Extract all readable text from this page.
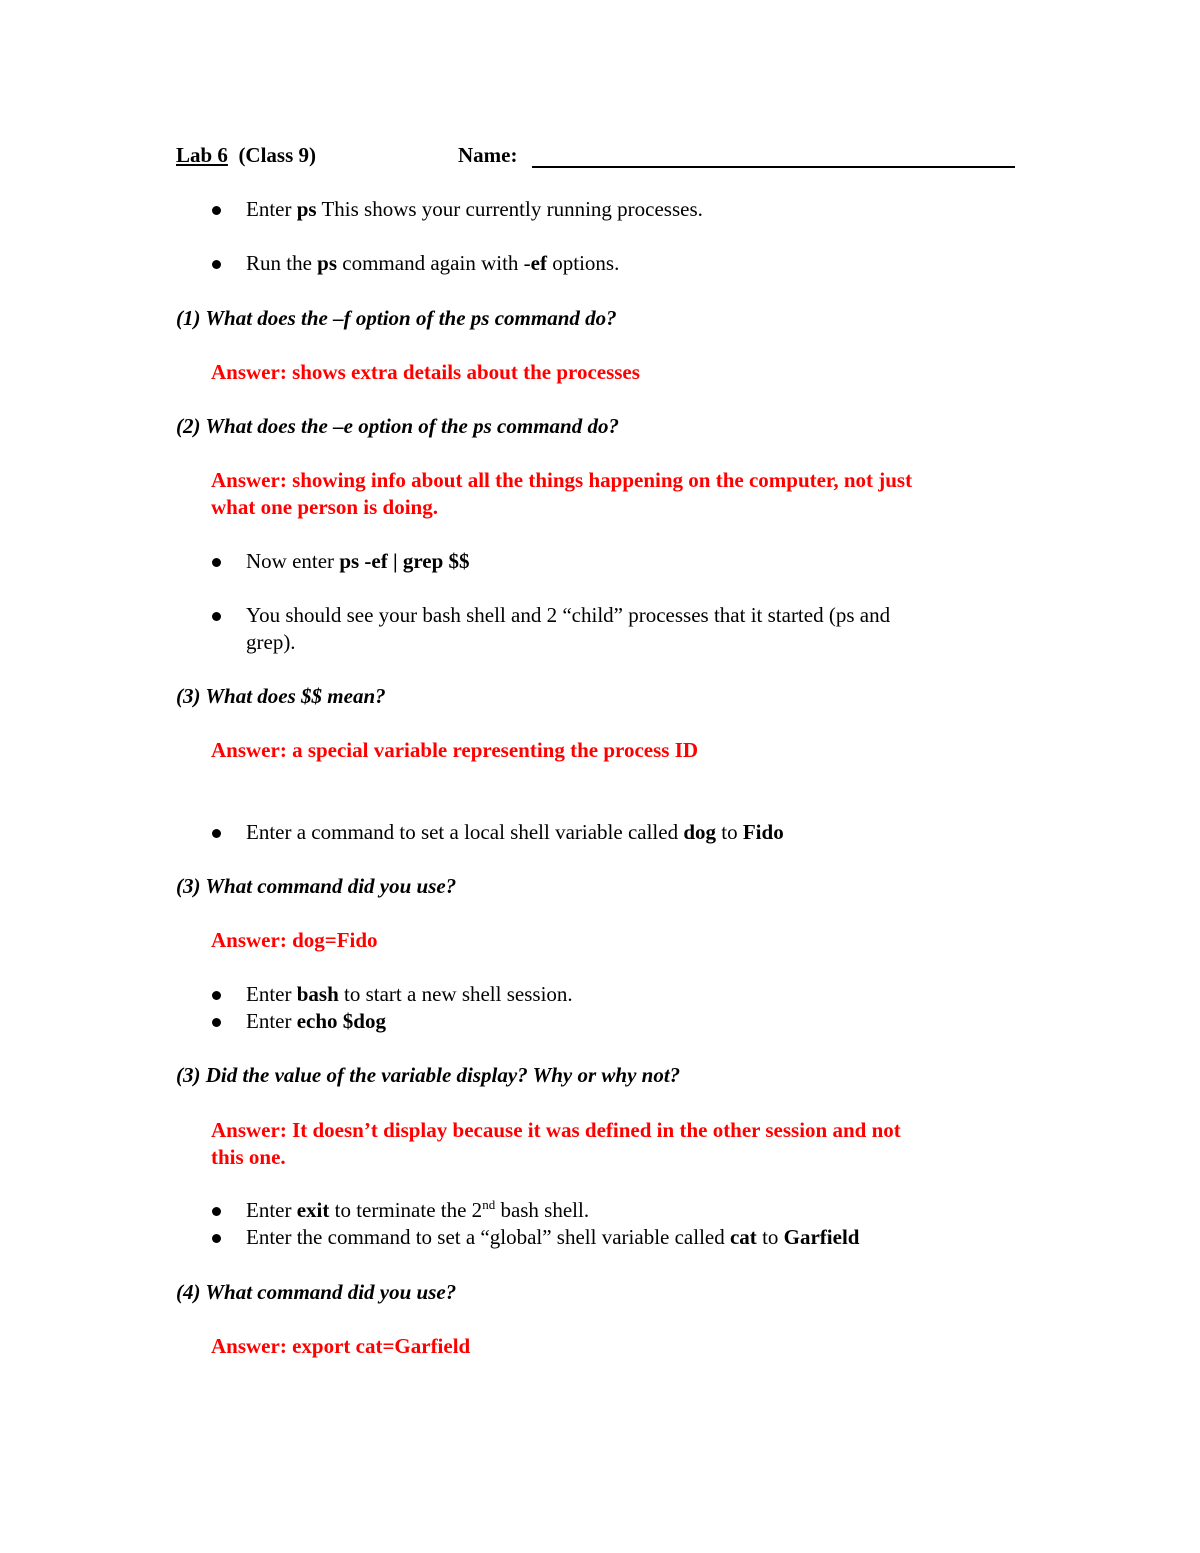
Lab 6 (Class 9)	Name:
Enter ps This shows your currently running processes.
Run the ps command again with -ef options.
(1) What does the –f option of the ps command do?
Answer: shows extra details about the processes
(2) What does the –e option of the ps command do?
Answer: showing info about all the things happening on the computer, not just
what one person is doing.
Now enter ps -ef | grep $$
You should see your bash shell and 2 “child” processes that it started (ps and
grep).
(3) What does $$ mean?
Answer: a special variable representing the process ID
Enter a command to set a local shell variable called dog to Fido
(3) What command did you use?
Answer: dog=Fido
Enter bash to start a new shell session.
Enter echo $dog
(3) Did the value of the variable display? Why or why not?
Answer: It doesn’t display because it was defined in the other session and not
this one.
Enter exit to terminate the 2nd bash shell.
Enter the command to set a “global” shell variable called cat to Garfield
(4) What command did you use?
Answer: export cat=Garfield
